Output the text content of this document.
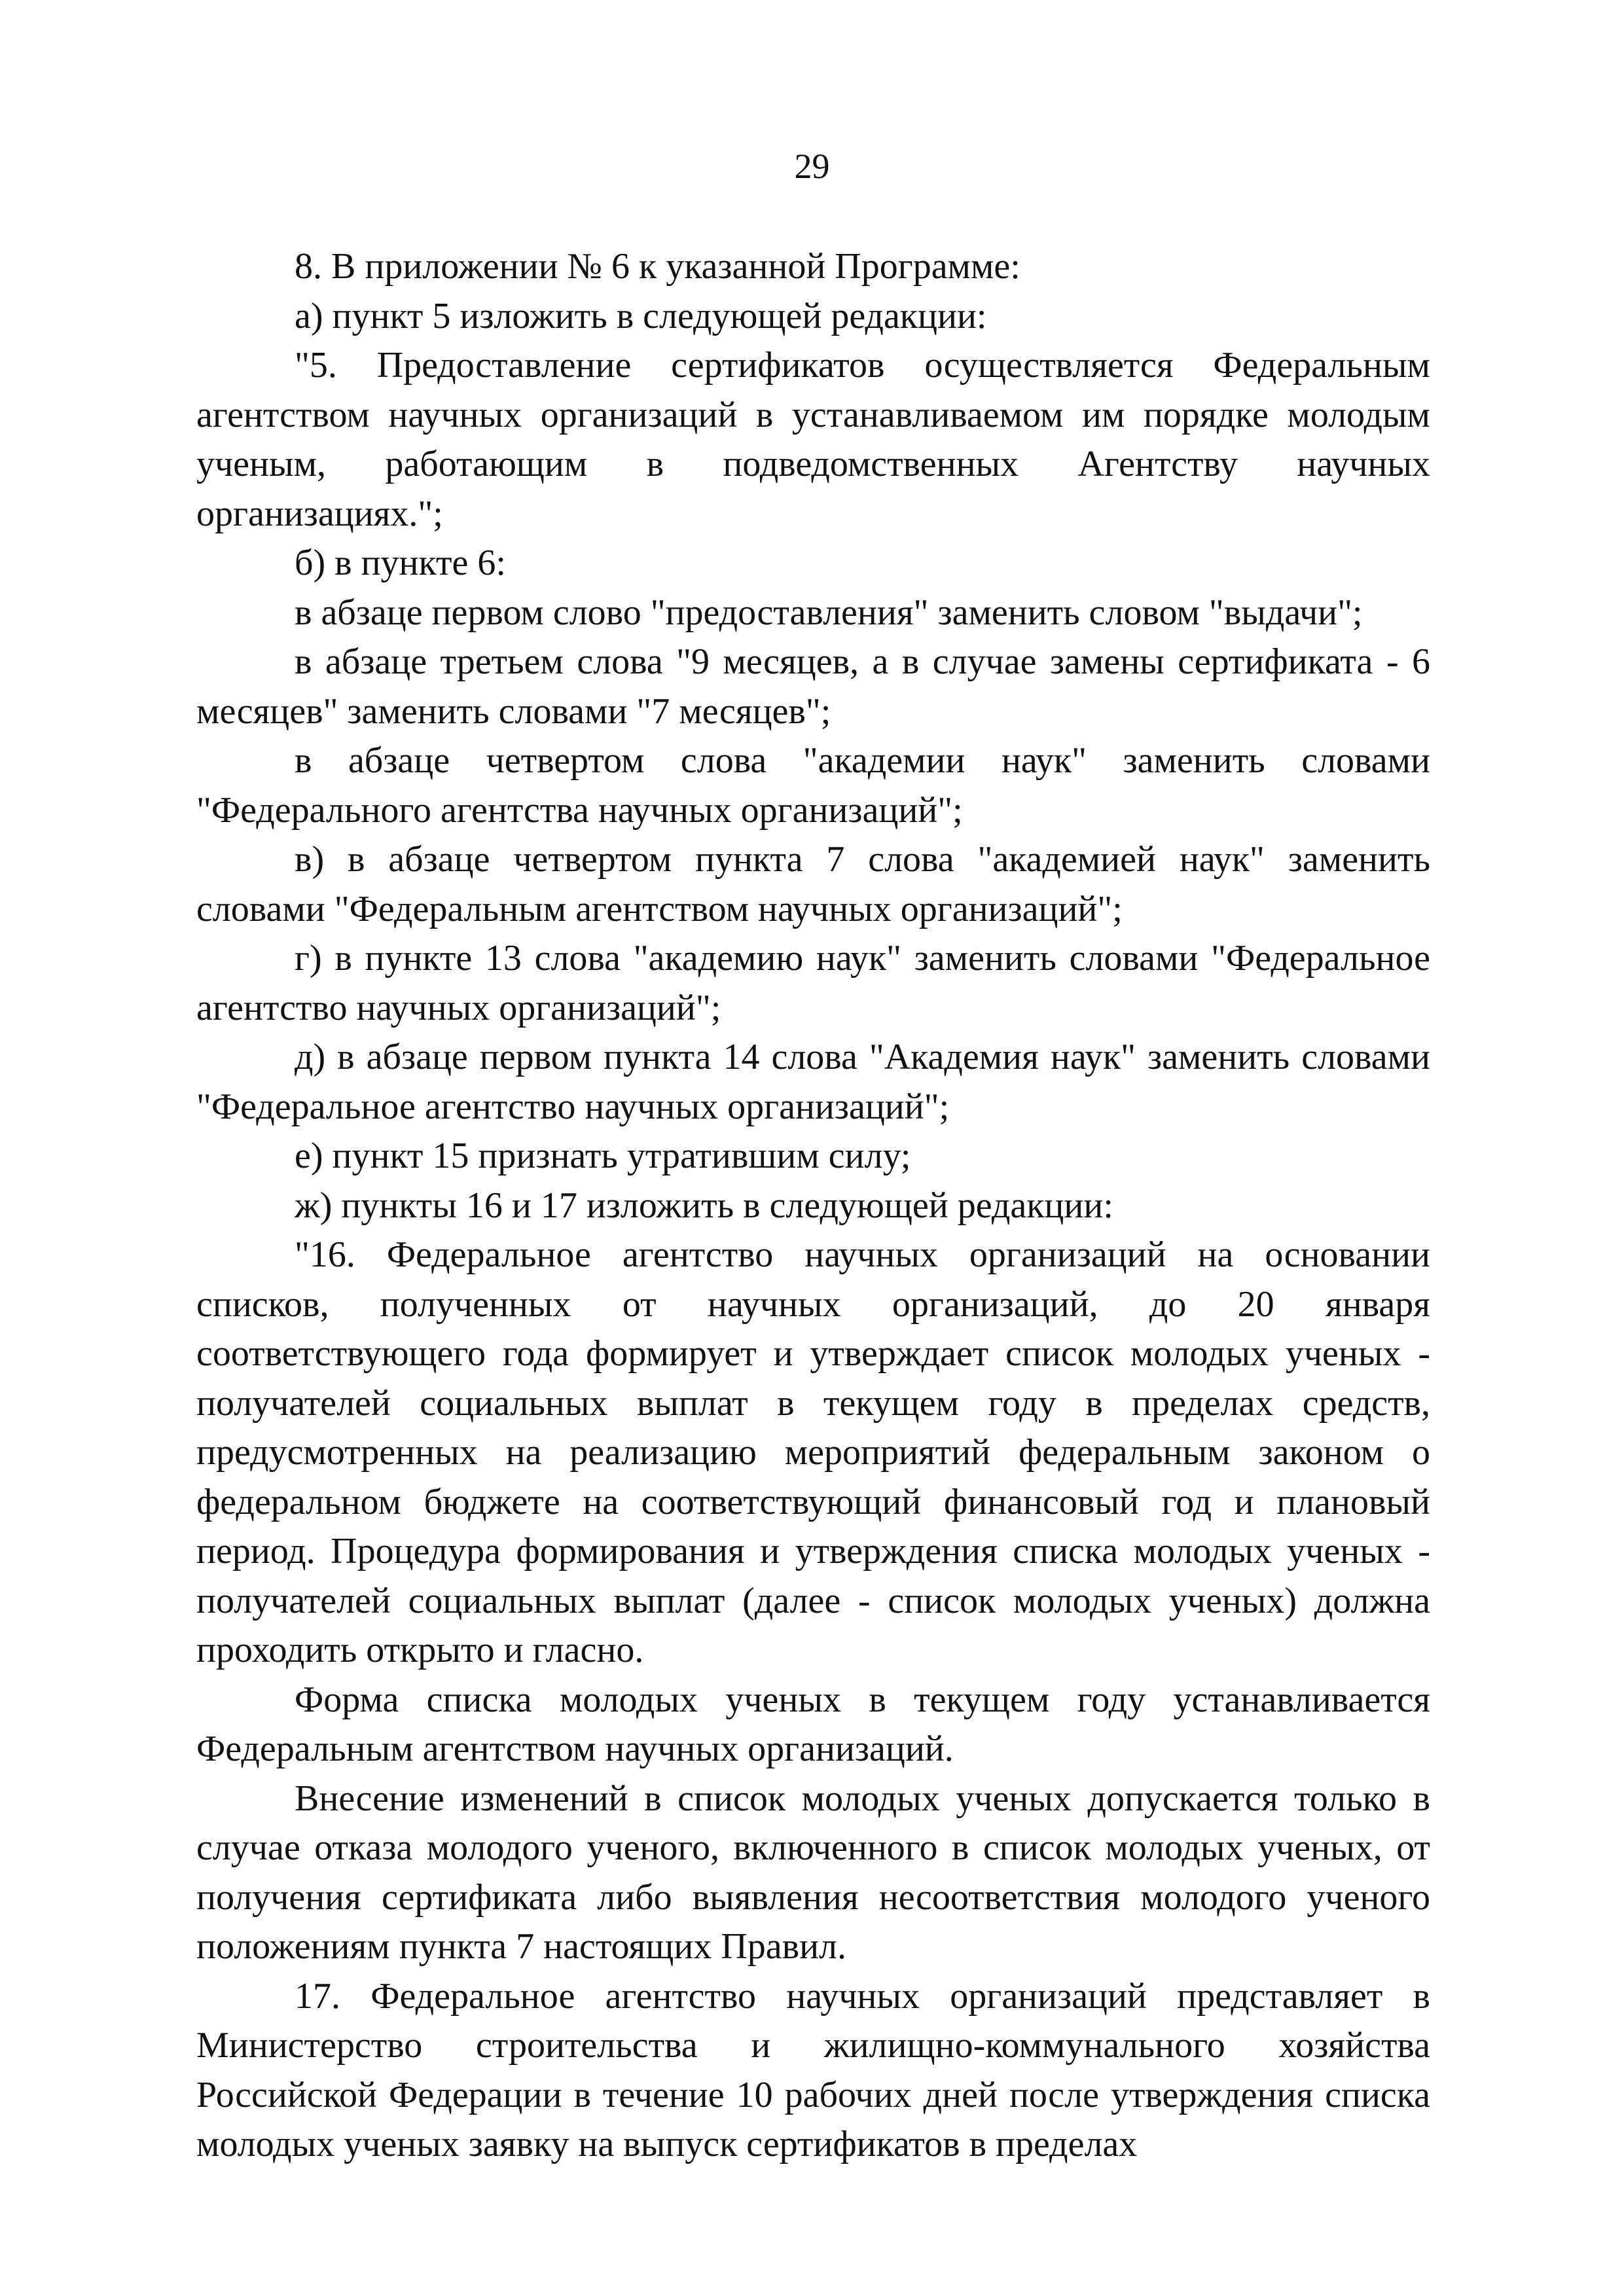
29

8. В приложении № 6 к указанной Программе:

а) пункт 5 изложить в следующей редакции:

"5. Предоставление сертификатов осуществляется Федеральным агентством научных организаций в устанавливаемом им порядке молодым ученым, работающим в подведомственных Агентству научных организациях.";

б) в пункте 6:

в абзаце первом слово "предоставления" заменить словом "выдачи";

в абзаце третьем слова "9 месяцев, а в случае замены сертификата - 6 месяцев" заменить словами "7 месяцев";

в абзаце четвертом слова "академии наук" заменить словами "Федерального агентства научных организаций";

в) в абзаце четвертом пункта 7 слова "академией наук" заменить словами "Федеральным агентством научных организаций";

г) в пункте 13 слова "академию наук" заменить словами "Федеральное агентство научных организаций";

д) в абзаце первом пункта 14 слова "Академия наук" заменить словами "Федеральное агентство научных организаций";

е) пункт 15 признать утратившим силу;

ж) пункты 16 и 17 изложить в следующей редакции:

"16. Федеральное агентство научных организаций на основании списков, полученных от научных организаций, до 20 января соответствующего года формирует и утверждает список молодых ученых - получателей социальных выплат в текущем году в пределах средств, предусмотренных на реализацию мероприятий федеральным законом о федеральном бюджете на соответствующий финансовый год и плановый период. Процедура формирования и утверждения списка молодых ученых - получателей социальных выплат (далее - список молодых ученых) должна проходить открыто и гласно.

Форма списка молодых ученых в текущем году устанавливается Федеральным агентством научных организаций.

Внесение изменений в список молодых ученых допускается только в случае отказа молодого ученого, включенного в список молодых ученых, от получения сертификата либо выявления несоответствия молодого ученого положениям пункта 7 настоящих Правил.

17. Федеральное агентство научных организаций представляет в Министерство строительства и жилищно-коммунального хозяйства Российской Федерации в течение 10 рабочих дней после утверждения списка молодых ученых заявку на выпуск сертификатов в пределах
